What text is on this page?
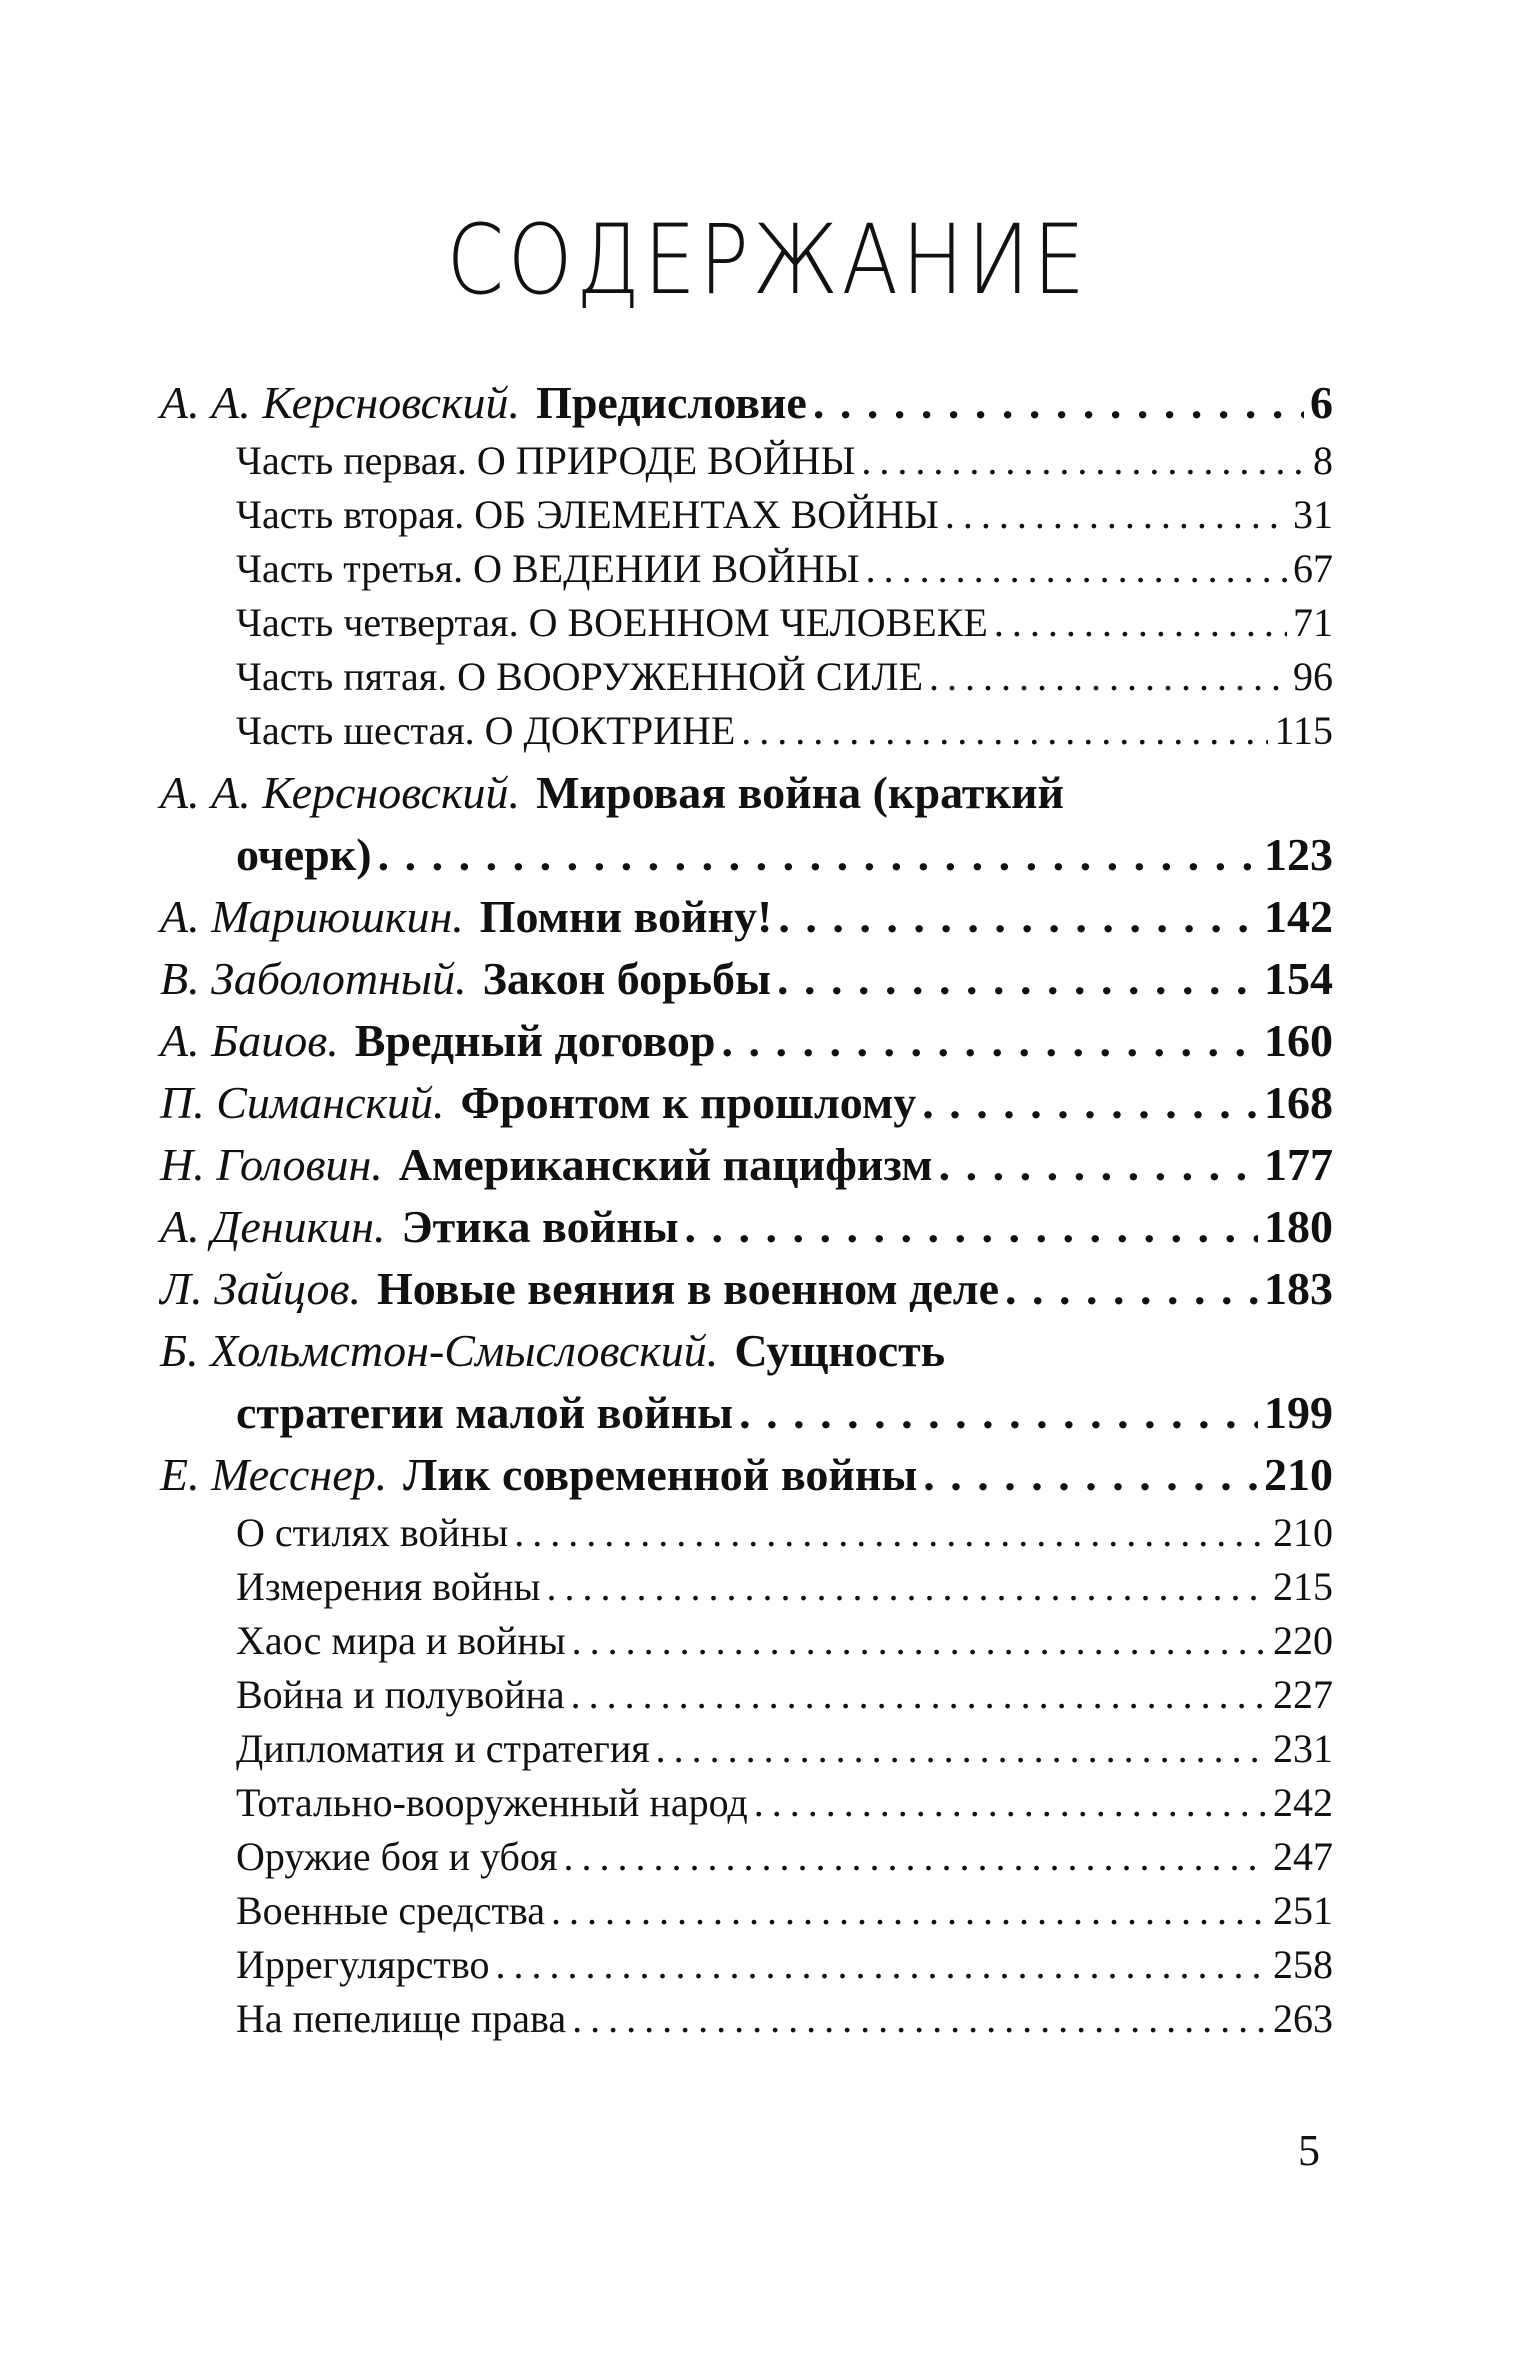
СОДЕРЖАНИЕ
А. А. Керсновский. Предисловие . . .	6
Часть первая. О ПРИРОДЕ ВОЙНЫ . . .	8
Часть вторая. ОБ ЭЛЕМЕНТАХ ВОЙНЫ . . .	31
Часть третья. О ВЕДЕНИИ ВОЙНЫ . . .	67
Часть четвертая. О ВОЕННОМ ЧЕЛОВЕКЕ . . .	71
Часть пятая. О ВООРУЖЕННОЙ СИЛЕ . . .	96
Часть шестая. О ДОКТРИНЕ . . .	115
А. А. Керсновский. Мировая война (краткий
очерк) . . .	123
А. Мариюшкин. Помни войну! . . .	142
В. Заболотный. Закон борьбы . . .	154
А. Баиов. Вредный договор . . .	160
П. Симанский. Фронтом к прошлому . . .	168
Н. Головин. Американский пацифизм . . .	177
А. Деникин. Этика войны . . .	180
Л. Зайцов. Новые веяния в военном деле . . .	183
Б. Хольмстон-Смысловский. Сущность
стратегии малой войны . . .	199
Е. Месснер. Лик современной войны . . .	210
О стилях войны . . .	210
Измерения войны . . .	215
Хаос мира и войны . . .	220
Война и полувойна . . .	227
Дипломатия и стратегия . . .	231
Тотально-вооруженный народ . . .	242
Оружие боя и убоя . . .	247
Военные средства . . .	251
Иррегулярство . . .	258
На пепелище права . . .	263
5
